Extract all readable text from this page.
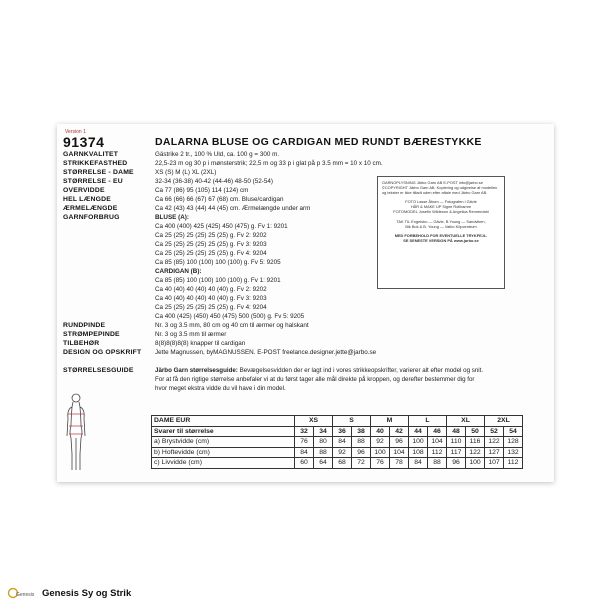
Version 1
91374	DALARNA BLUSE OG CARDIGAN MED RUNDT BÆRESTYKKE
GARNKVALITET	Gästrike 2 tr., 100 % Uld, ca. 100 g = 300 m.
STRIKKEFASTHED	22,5-23 m og 30 p i mønsterstrik; 22,5 m og 33 p i glat på p 3.5 mm = 10 x 10 cm.
STØRRELSE - DAME	XS (S) M (L) XL (2XL)
STØRRELSE - EU	32-34 (36-38) 40-42 (44-46) 48-50 (52-54)
OVERVIDDE	Ca 77 (86) 95 (105) 114 (124) cm
HEL LÆNGDE	Ca 66 (66) 66 (67) 67 (68) cm. Bluse/cardigan
ÆRMELÆNGDE	Ca 42 (43) 43 (44) 44 (45) cm. Ærmelængde under arm
GARNFORBRUG	BLUSE (A):
Ca 400 (400) 425 (425) 450 (475) g. Fv 1: 9201
Ca 25 (25) 25 (25) 25 (25) g. Fv 2: 9202
Ca 25 (25) 25 (25) 25 (25) g. Fv 3: 9203
Ca 25 (25) 25 (25) 25 (25) g. Fv 4: 9204
Ca 85 (85) 100 (100) 100 (100) g. Fv 5: 9205
CARDIGAN (B):
Ca 85 (85) 100 (100) 100 (100) g. Fv 1: 9201
Ca 40 (40) 40 (40) 40 (40) g. Fv 2: 9202
Ca 40 (40) 40 (40) 40 (40) g. Fv 3: 9203
Ca 25 (25) 25 (25) 25 (25) g. Fv 4: 9204
Ca 400 (425) (450) 450 (475) 500 (500) g. Fv 5: 9205
RUNDPINDE	Nr. 3 og 3.5 mm, 80 cm og 40 cm til ærmer og halskant
STRØMPEPINDE	Nr. 3 og 3.5 mm til ærmer
TILBEHØR	8(8)8(8)8(8) knapper til cardigan
DESIGN OG OPSKRIFT Jette Magnussen, byMAGNUSSEN. E-POST freelance.designer.jette@jarbo.se
GARNOPLYSNING Järbo Garn AB E-POST info@jarbo.se
©COPYRIGHT Järbo Garn AB. Kopiering og udgivelse af modellen
og tekster er ikke tilladt uden efter aftale med Järbo Garn AB.
FOTO Lasse Åbom — Fotografen i Gävle
HÅR & MAKE UP Signe Rollhamre
FOTOMODEL Josefin Wildeson & Angelica Rennerdahl
TAK TIL Engelsbo — Gävle, B.Young — Sandviken,
Bik Bok & B. Young — Valbo Köpcentrum
MED FORBEHOLD FOR EVENTUELLE TRYKFEJL.
SE SENESTE VERSION PÅ www.jarbo.se
STØRRELSESGUIDE	Järbo Garn størrelsesguide: Bevægelsesvidden der er lagt ind i vores strikkeopskrifter, varierer alt efter model og snit.
For at få den rigtige størrelse anbefaler vi at du først tager alle mål direkte på kroppen, og derefter bestemmer dig for
hvor meget ekstra vidde du vil have i din model.
DAME EUR	XS		S		M		L		XL		2XL	
Svarer til størrelse	32	34	36	38	40	42	44	46	48	50	52	54
a) Brystvidde (cm)	76	80	84	88	92	96	100	104	110	116	122	128
b) Hoftevidde (cm)	84	88	92	96	100	104	108	112	117	122	127	132
c) Livvidde (cm)	60	64	68	72	76	78	84	88	96	100	107	112
Genesis Genesis Sy og Strik
